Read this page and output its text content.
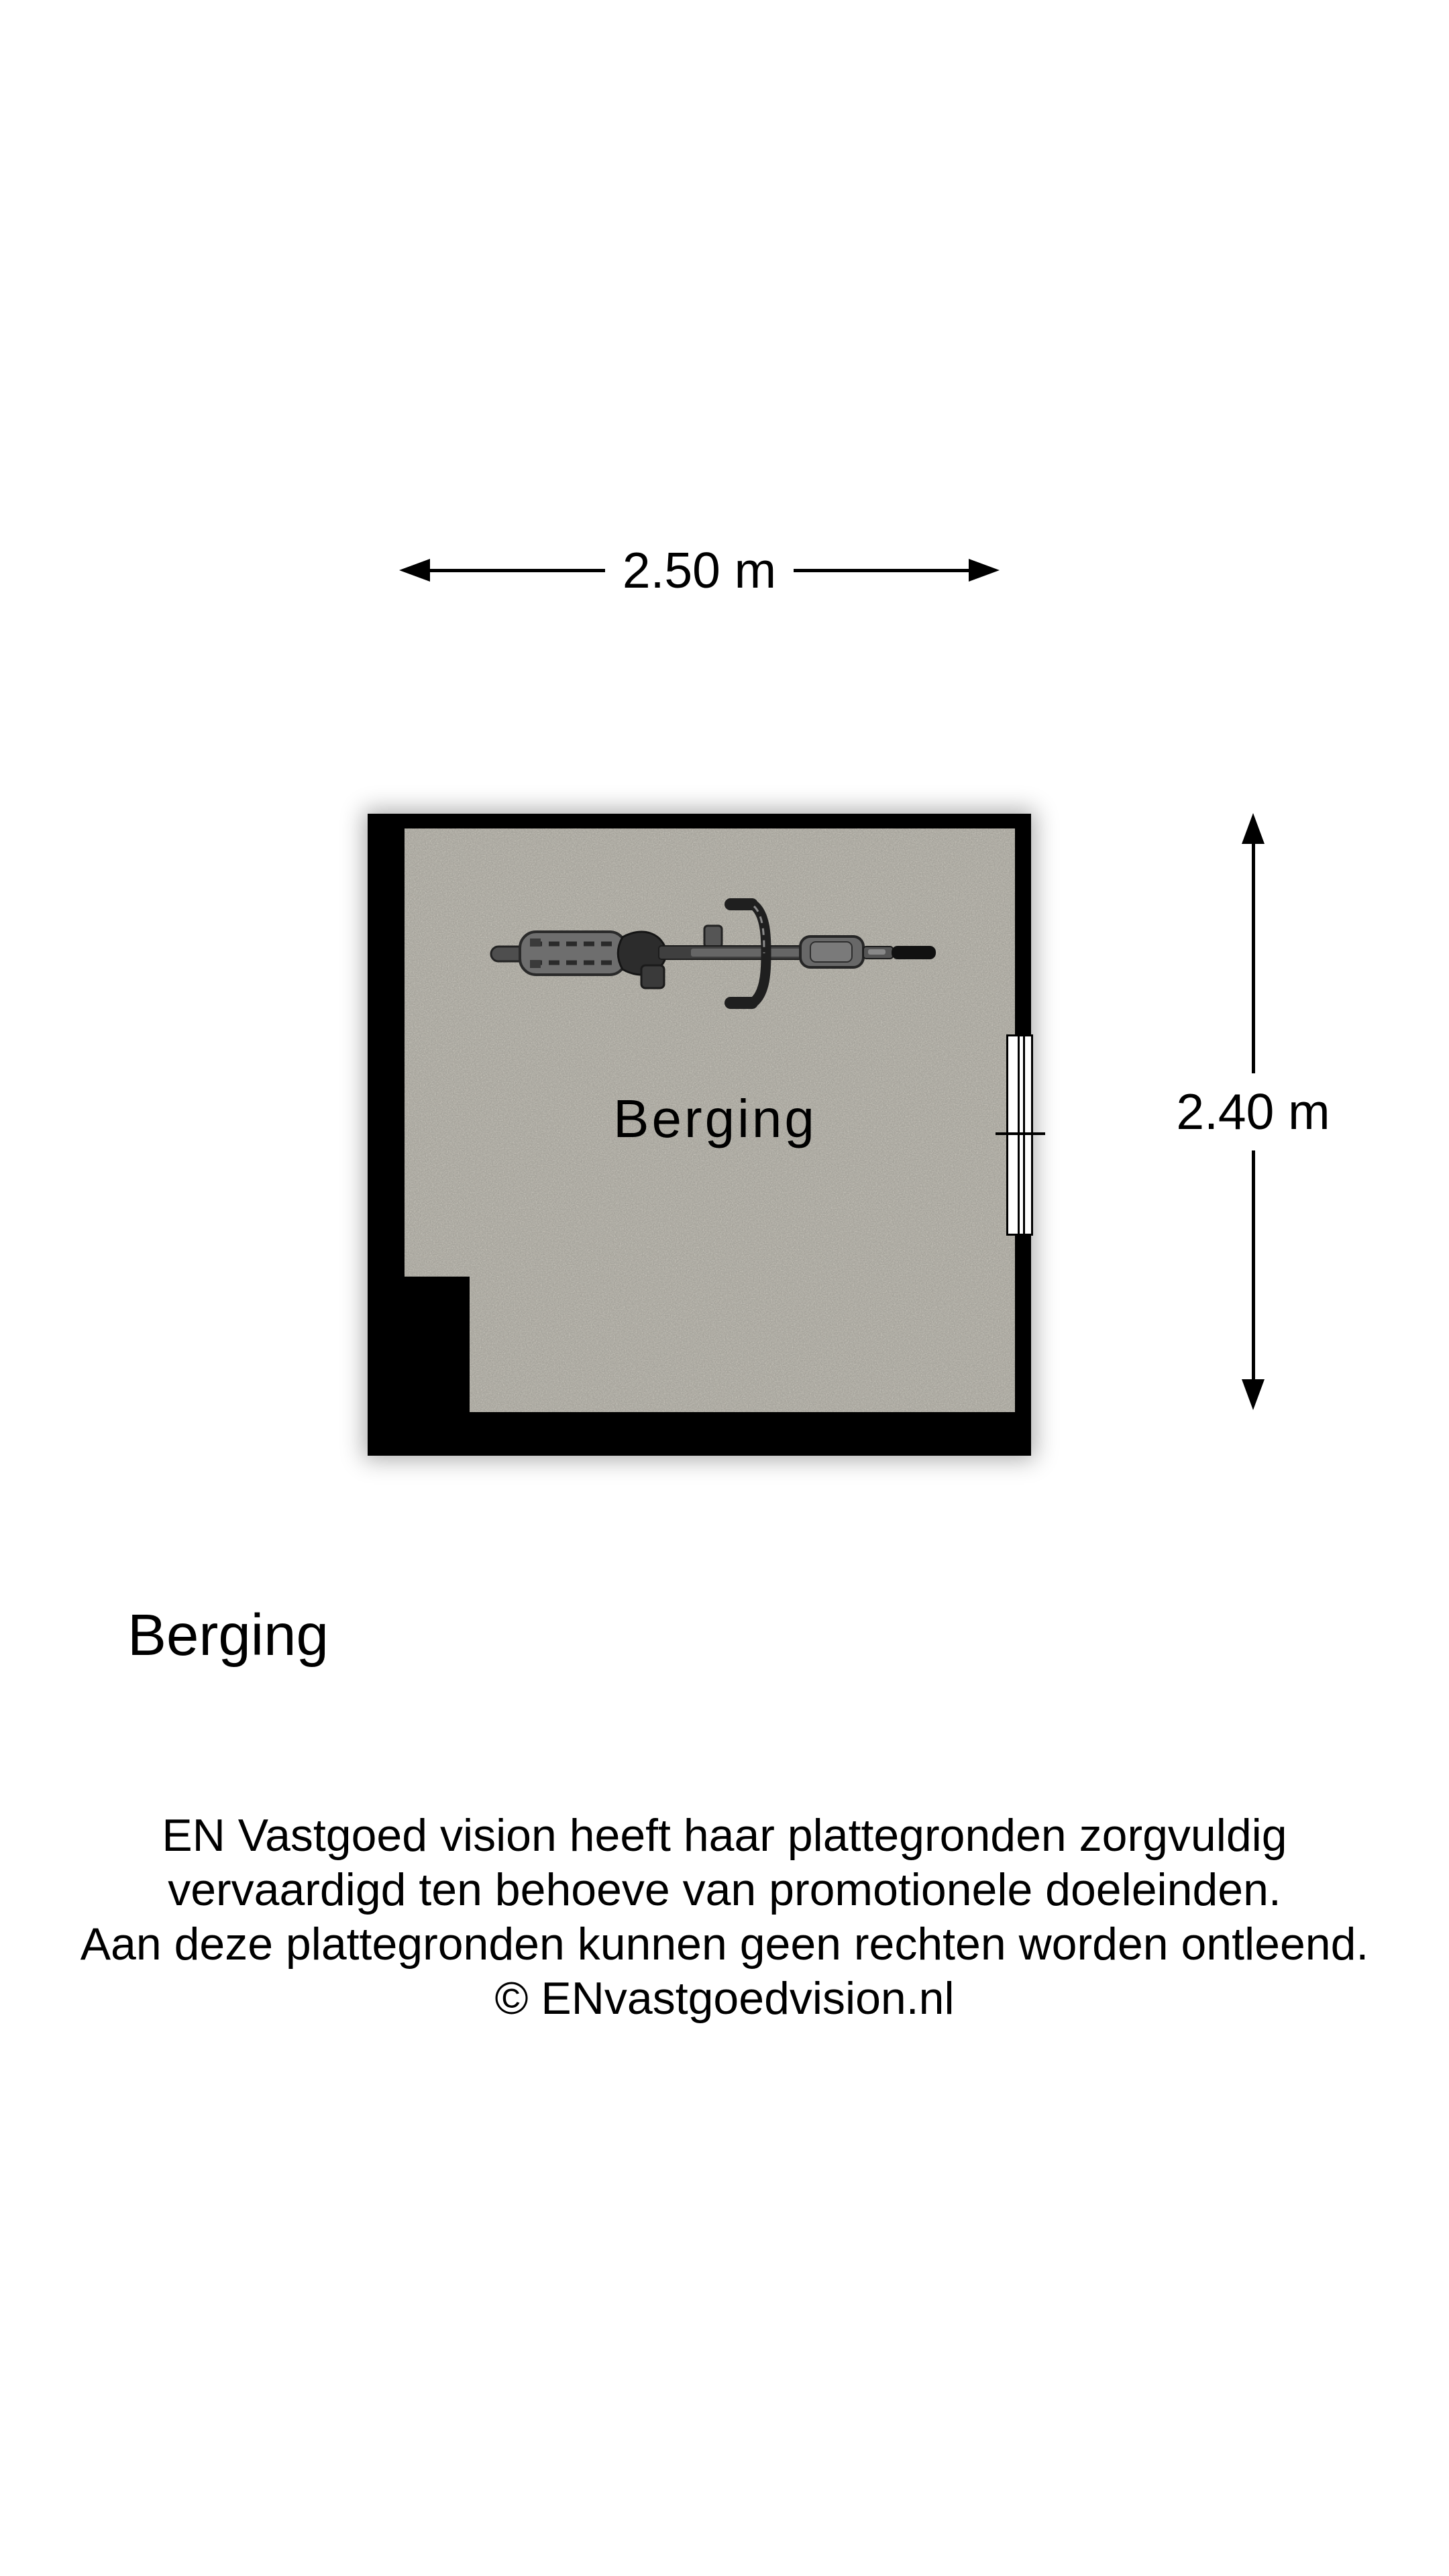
2.50 m
2.40 m
Berging
Berging
EN Vastgoed vision heeft haar plattegronden zorgvuldig
vervaardigd ten behoeve van promotionele doeleinden.
Aan deze plattegronden kunnen geen rechten worden ontleend.
© ENvastgoedvision.nl
